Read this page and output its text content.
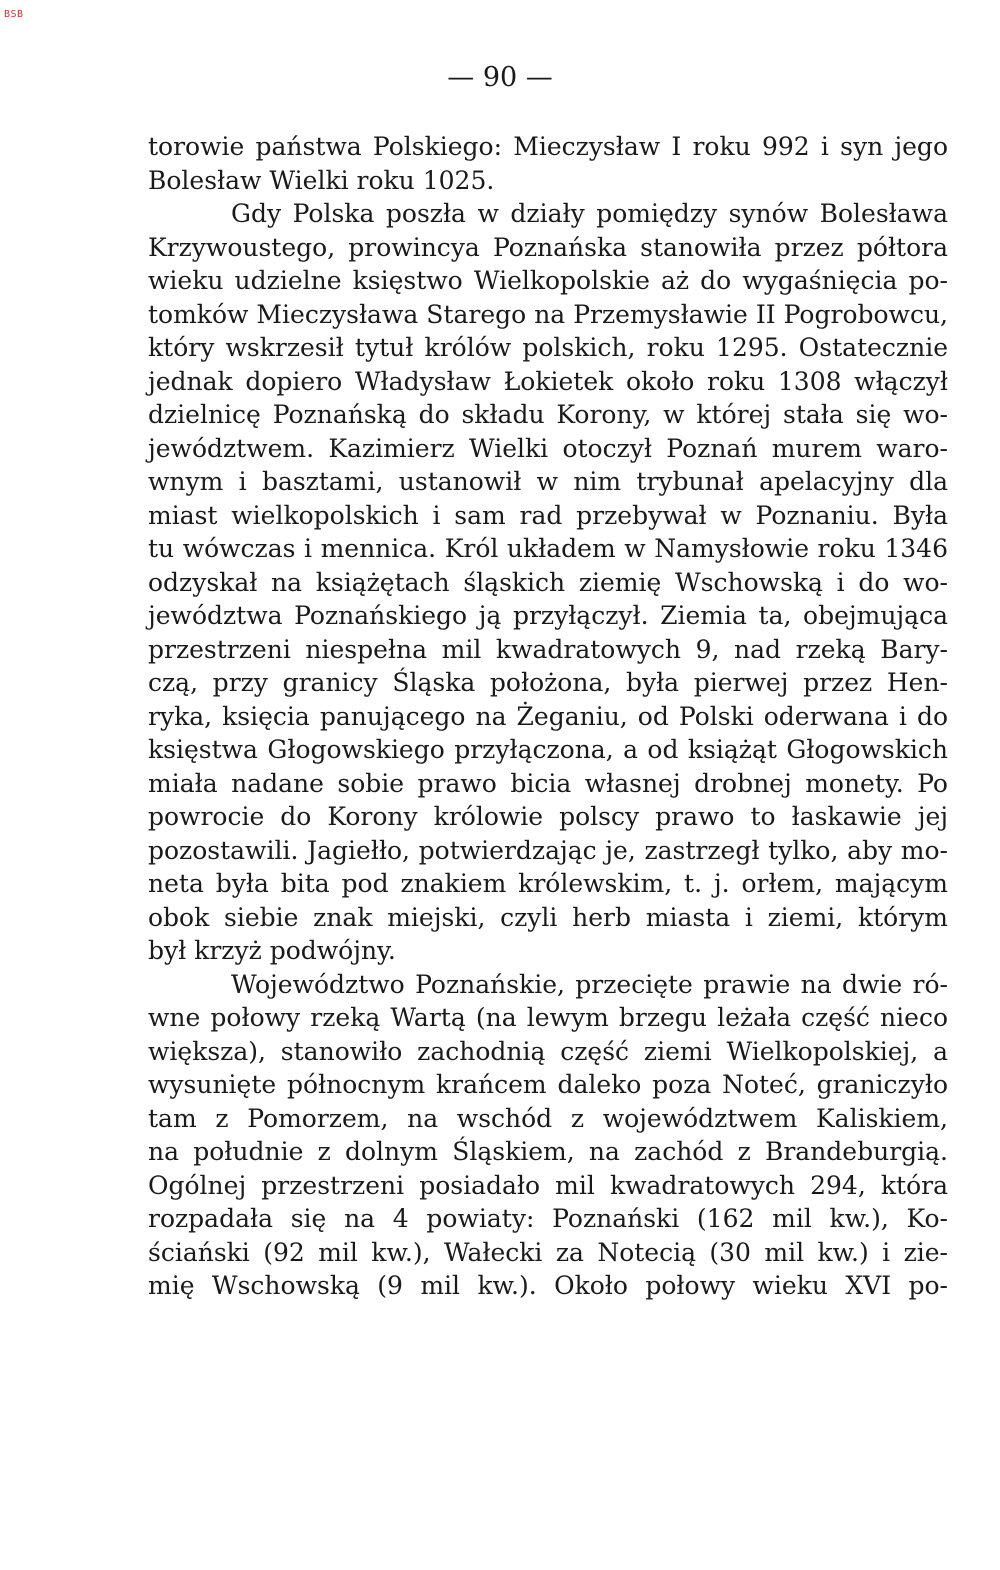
BSB
— 90 —
torowie państwa Polskiego: Mieczysław I roku 992 i syn jego
Bolesław Wielki roku 1025.
Gdy Polska poszła w działy pomiędzy synów Bolesława
Krzywoustego, prowincya Poznańska stanowiła przez półtora
wieku udzielne księstwo Wielkopolskie aż do wygaśnięcia po-
tomków Mieczysława Starego na Przemysławie II Pogrobowcu,
który wskrzesił tytuł królów polskich, roku 1295. Ostatecznie
jednak dopiero Władysław Łokietek około roku 1308 włączył
dzielnicę Poznańską do składu Korony, w której stała się wo-
jewództwem. Kazimierz Wielki otoczył Poznań murem waro-
wnym i basztami, ustanowił w nim trybunał apelacyjny dla
miast wielkopolskich i sam rad przebywał w Poznaniu. Była
tu wówczas i mennica. Król układem w Namysłowie roku 1346
odzyskał na książętach śląskich ziemię Wschowską i do wo-
jewództwa Poznańskiego ją przyłączył. Ziemia ta, obejmująca
przestrzeni niespełna mil kwadratowych 9, nad rzeką Bary-
czą, przy granicy Śląska położona, była pierwej przez Hen-
ryka, księcia panującego na Żeganiu, od Polski oderwana i do
księstwa Głogowskiego przyłączona, a od książąt Głogowskich
miała nadane sobie prawo bicia własnej drobnej monety. Po
powrocie do Korony królowie polscy prawo to łaskawie jej
pozostawili. Jagiełło, potwierdzając je, zastrzegł tylko, aby mo-
neta była bita pod znakiem królewskim, t. j. orłem, mającym
obok siebie znak miejski, czyli herb miasta i ziemi, którym
był krzyż podwójny.
Województwo Poznańskie, przecięte prawie na dwie ró-
wne połowy rzeką Wartą (na lewym brzegu leżała część nieco
większa), stanowiło zachodnią część ziemi Wielkopolskiej, a
wysunięte północnym krańcem daleko poza Noteć, graniczyło
tam z Pomorzem, na wschód z województwem Kaliskiem,
na południe z dolnym Śląskiem, na zachód z Brandeburgią.
Ogólnej przestrzeni posiadało mil kwadratowych 294, która
rozpadała się na 4 powiaty: Poznański (162 mil kw.), Ko-
ściański (92 mil kw.), Wałecki za Notecią (30 mil kw.) i zie-
mię Wschowską (9 mil kw.). Około połowy wieku XVI po-
